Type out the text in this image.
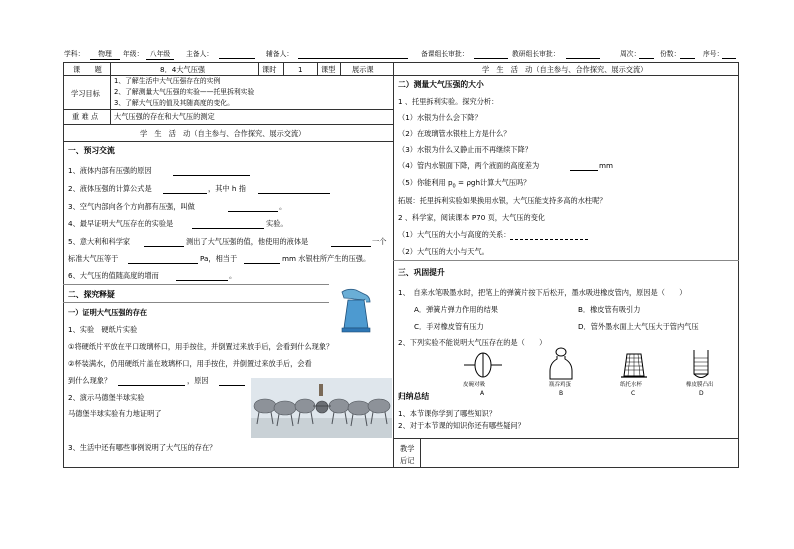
学科：	物理	年级： 八年级	主备人：	辅备人：	备课组长审批：	教研组长审批：	周次：	份数：	序号：
课　　题	8．4大气压强	课时	1	课型 展示课
学习目标
1、了解生活中大气压强存在的实例
2、了解测量大气压强的实验——托里拆利实验
3、了解大气压的值及其随高度的变化。
重 难 点 大气压强的存在和大气压的测定
学　生　活　动（自主参与、合作探究、展示交流）
学　生　活　动（自主参与、合作探究、展示交流）
教学
后记
一、预习交流
1、液体内部有压强的原因
2、液体压强的计算公式是	，其中 h 指
3、空气内部向各个方向都有压强，叫做	。
4、最早证明大气压存在的实验是	实验。
5、意大利和科学家	测出了大气压强的值，他使用的液体是	一个
标准大气压等于	Pa，相当于	mm 水银柱所产生的压强。
6、大气压的值随高度的增而	。
二、探究释疑
一）证明大气压强的存在
1、实验　硬纸片实验
①将硬纸片平放在平口玻璃杯口，用手按住，并倒置过来放手后，会看到什么现象？
②杯装满水，仍用硬纸片盖在玻璃杯口，用手按住，并倒置过来放手后，会看
到什么现象？	，原因
2、演示马德堡半球实验
马德堡半球实验有力地证明了
3、生活中还有哪些事例说明了大气压的存在？
二）测量大气压强的大小
1 、托里拆利实验。探究分析：
（1）水银为什么会下降？
（2）在玻璃管水银柱上方是什么？
（3）水银为什么又静止而不再继续下降？
（4）管内水银面下降，两个液面的高度差为	mm
（5）你能利用 $p_0 = \rho gh$计算大气压吗？
拓展：托里拆利实验如果换用水银，大气压能支持多高的水柱呢？
2 、科学家，阅读课本 P70 页，大气压的变化
（1）大气压的大小与高度的关系：
（2）大气压的大小与天气。
三、巩固提升
1、　自来水笔吸墨水时，把笔上的弹簧片按下后松开，墨水吸进橡皮管内，原因是（　　）
A．弹簧片弹力作用的结果	B．橡皮管有吸引力
C．手对橡皮管有压力	D．管外墨水面上大气压大于管内气压
2、下列实验不能说明大气压存在的是（　　）
皮碗对吸
A
瓶吞鸡蛋
B
纸托水杯
C
橡皮膜凸出
D
归纳总结
1、本节课你学到了哪些知识？
2、对于本节课的知识你还有哪些疑问？
